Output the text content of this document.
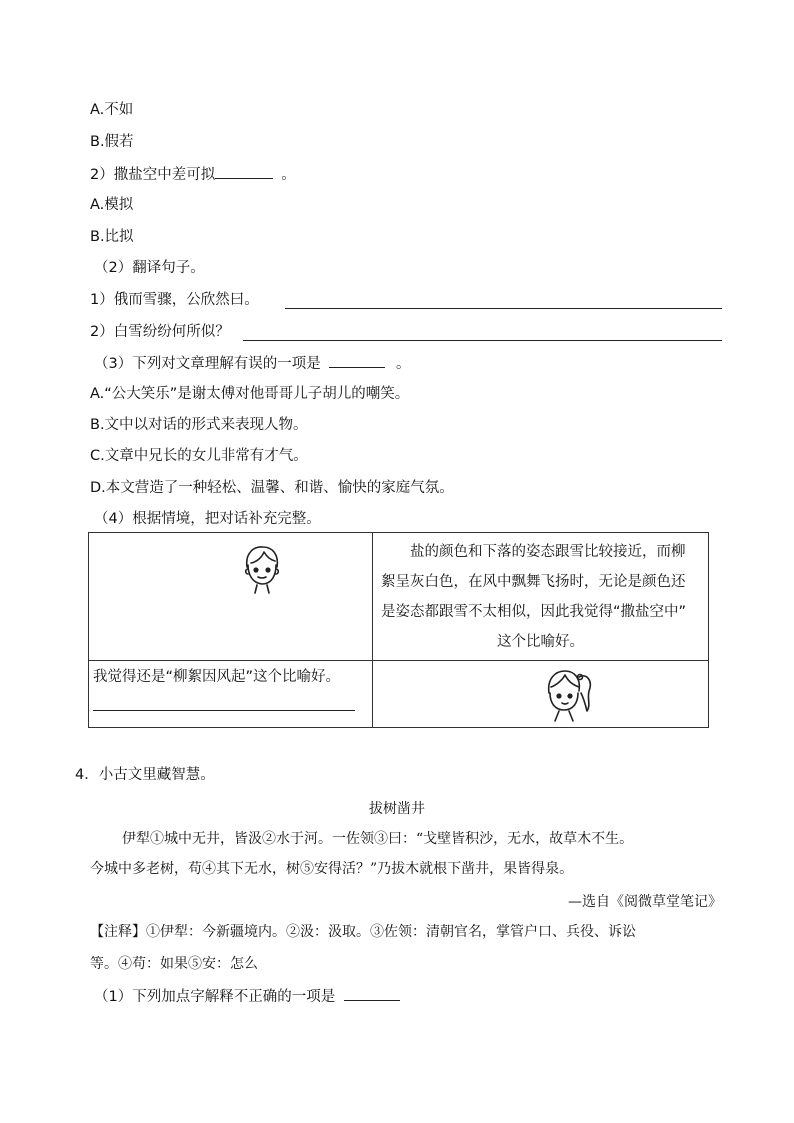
A.不如
B.假若
2）撒盐空中差可拟	。
A.模拟
B.比拟
（2）翻译句子。
1）俄而雪骤，公欣然曰。
2）白雪纷纷何所似？
（3）下列对文章理解有误的一项是	。
A.“公大笑乐”是谢太傅对他哥哥儿子胡儿的嘲笑。
B.文中以对话的形式来表现人物。
C.文章中兄长的女儿非常有才气。
D.本文营造了一种轻松、温馨、和谐、愉快的家庭气氛。
（4）根据情境，把对话补充完整。

盐的颜色和下落的姿态跟雪比较接近，而柳
絮呈灰白色，在风中飘舞飞扬时，无论是颜色还
是姿态都跟雪不太相似，因此我觉得“撒盐空中”
这个比喻好。

我觉得还是“柳絮因风起”这个比喻好。

4．小古文里藏智慧。
拔树凿井
伊犁①城中无井，皆汲②水于河。一佐领③曰：“戈壁皆积沙，无水，故草木不生。
今城中多老树，苟④其下无水，树⑤安得活？”乃拔木就根下凿井，果皆得泉。
—选自《阅微草堂笔记》
【注释】①伊犁：今新疆境内。②汲：汲取。③佐领：清朝官名，掌管户口、兵役、诉讼
等。④苟：如果⑤安：怎么
（1）下列加点字解释不正确的一项是
